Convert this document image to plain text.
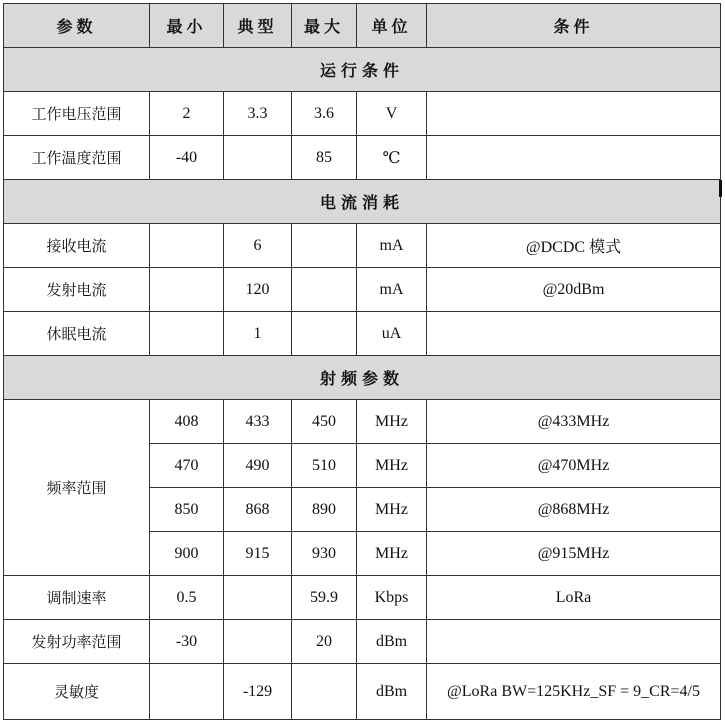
参数	最小	典型	最大	单位	条件
运行条件					
工作电压范围	2	3.3	3.6	V	
工作温度范围	-40		85	℃	
电流消耗					
接收电流		6		mA	@DCDC 模式
发射电流		120		mA	@20dBm
休眠电流		1		uA	
射频参数					
频率范围	408	433	450	MHz	@433MHz
	470	490	510	MHz	@470MHz
	850	868	890	MHz	@868MHz
	900	915	930	MHz	@915MHz
调制速率	0.5		59.9	Kbps	LoRa
发射功率范围	-30		20	dBm	
灵敏度		-129		dBm	@LoRa BW=125KHz_SF = 9_CR=4/5
